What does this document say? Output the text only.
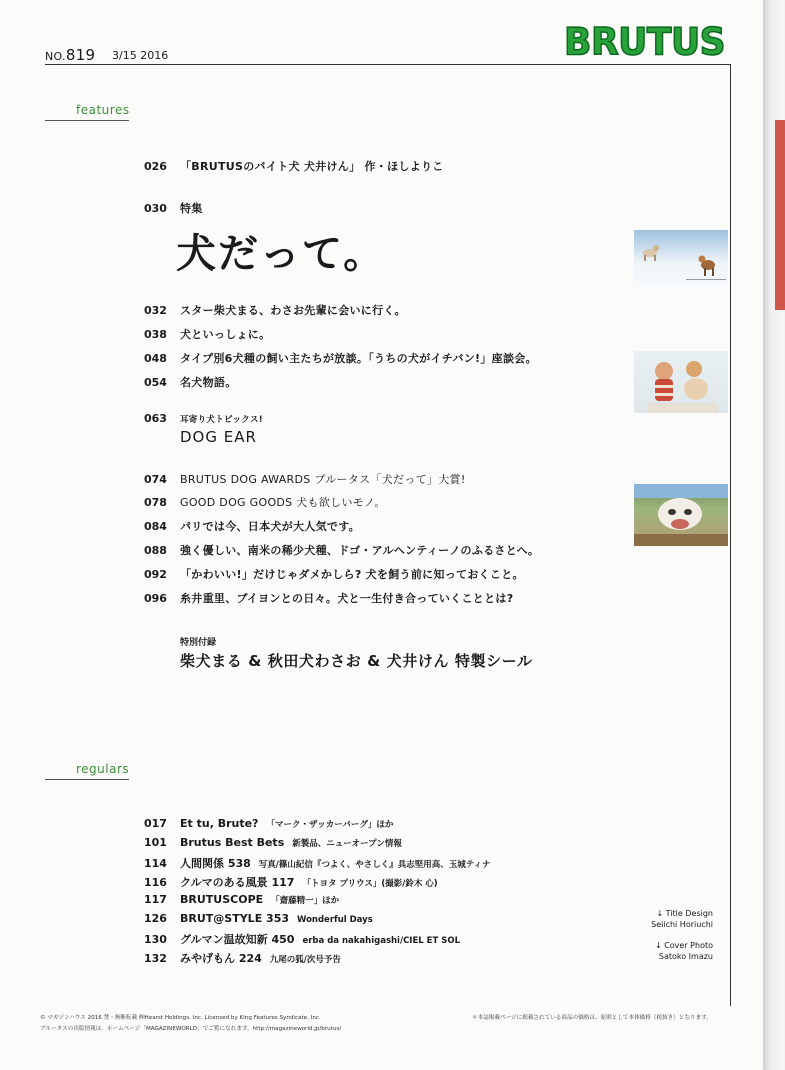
NO.819 3/15 2016	BRUTUS
features
026	「BRUTUSのバイト犬 犬井けん」 作・ほしよりこ
030	特集
犬だって。
032	スター柴犬まる、わさお先輩に会いに行く。
038	犬といっしょに。
048	タイプ別6犬種の飼い主たちが放談。「うちの犬がイチバン!」座談会。
054	名犬物語。
063	耳寄り犬トピックス!
DOG EAR
074	BRUTUS DOG AWARDS ブルータス「犬だって」大賞!
078	GOOD DOG GOODS 犬も欲しいモノ。
084	パリでは今、日本犬が大人気です。
088	強く優しい、南米の稀少犬種、ドゴ・アルヘンティーノのふるさとへ。
092	「かわいい!」だけじゃダメかしら? 犬を飼う前に知っておくこと。
096	糸井重里、ブイヨンとの日々。犬と一生付き合っていくこととは?
特別付録
柴犬まる & 秋田犬わさお & 犬井けん 特製シール
regulars
017	Et tu, Brute? 「マーク・ザッカーバーグ」ほか
101	Brutus Best Bets 新製品、ニューオープン情報
114	人間関係 538 写真/篠山紀信『つよく、やさしく』具志堅用高、玉城ティナ
116	クルマのある風景 117 「トヨタ プリウス」(撮影/鈴木 心)
117	BRUTUSCOPE 「齋藤精一」ほか
126	BRUT@STYLE 353 Wonderful Days
130	グルマン温故知新 450 erba da nakahigashi/CIEL ET SOL
132	みやげもん 224 九尾の狐/次号予告
↓ Title Design
Seiichi Horiuchi
↓ Cover Photo
Satoko Imazu
© マガジンハウス 2016 禁・無断転載 ㈱Hearst Holdings, Inc. Licensed by King Features Syndicate, Inc.
ブルータスの出版情報は、ホームページ「MAGAZINEWORLD」でご覧になれます。http://magazineworld.jp/brutus/
＊本誌掲載ページに掲載されている商品の価格は、原則として本体価格（税抜き）となります。
